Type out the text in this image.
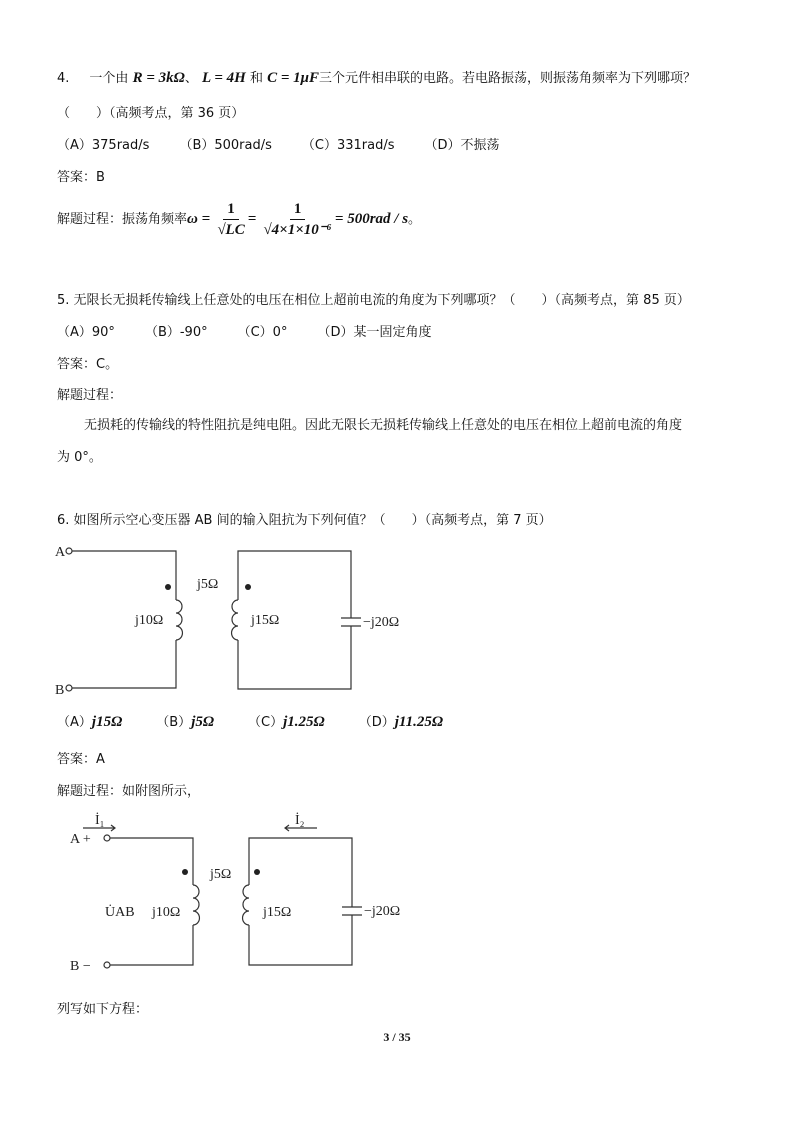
4. 一个由 R = 3kΩ、 L = 4H 和 C = 1μF三个元件相串联的电路。若电路振荡，则振荡角频率为下列哪项？
（　　）（高频考点，第 36 页）
（A）375rad/s （B）500rad/s （C）331rad/s （D）不振荡
答案：B
解题过程：振荡角频率$\omega = \frac{1}{√LC} = \frac{1}{\text{√4×1×10⁻⁶}} = 500rad / s$。
5. 无限长无损耗传输线上任意处的电压在相位上超前电流的角度为下列哪项？（　　）（高频考点，第 85 页）
（A）90° （B）-90° （C）0° （D）某一固定角度
答案：C。
解题过程：
无损耗的传输线的特性阻抗是纯电阻。因此无限长无损耗传输线上任意处的电压在相位上超前电流的角度
为 0°。
6. 如图所示空心变压器 AB 间的输入阻抗为下列何值？（　　）（高频考点，第 7 页）
A
B
j5Ω
j10Ω	j15Ω	−j20Ω
（A）j15Ω	（B）j5Ω	（C）j1.25Ω	（D）j11.25Ω
答案：A
解题过程：如附图所示，
A +
B −
İ₁	İ₂
U̇AB
j5Ω
j10Ω	j15Ω	−j20Ω
列写如下方程：
3 / 35
